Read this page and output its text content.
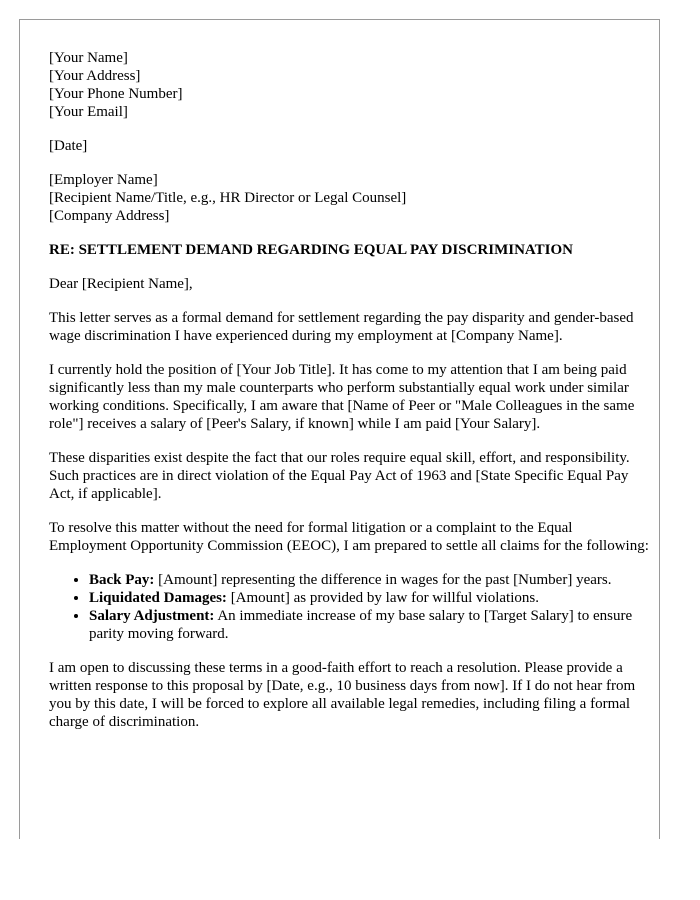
[Your Name]
[Your Address]
[Your Phone Number]
[Your Email]
[Date]
[Employer Name]
[Recipient Name/Title, e.g., HR Director or Legal Counsel]
[Company Address]
RE: SETTLEMENT DEMAND REGARDING EQUAL PAY DISCRIMINATION

Dear [Recipient Name],

This letter serves as a formal demand for settlement regarding the pay disparity and gender-based wage discrimination I have experienced during my employment at [Company Name].

I currently hold the position of [Your Job Title]. It has come to my attention that I am being paid significantly less than my male counterparts who perform substantially equal work under similar working conditions. Specifically, I am aware that [Name of Peer or "Male Colleagues in the same role"] receives a salary of [Peer's Salary, if known] while I am paid [Your Salary].

These disparities exist despite the fact that our roles require equal skill, effort, and responsibility. Such practices are in direct violation of the Equal Pay Act of 1963 and [State Specific Equal Pay Act, if applicable].

To resolve this matter without the need for formal litigation or a complaint to the Equal Employment Opportunity Commission (EEOC), I am prepared to settle all claims for the following:

• Back Pay: [Amount] representing the difference in wages for the past [Number] years.
• Liquidated Damages: [Amount] as provided by law for willful violations.
• Salary Adjustment: An immediate increase of my base salary to [Target Salary] to ensure parity moving forward.

I am open to discussing these terms in a good-faith effort to reach a resolution. Please provide a written response to this proposal by [Date, e.g., 10 business days from now]. If I do not hear from you by this date, I will be forced to explore all available legal remedies, including filing a formal charge of discrimination.
